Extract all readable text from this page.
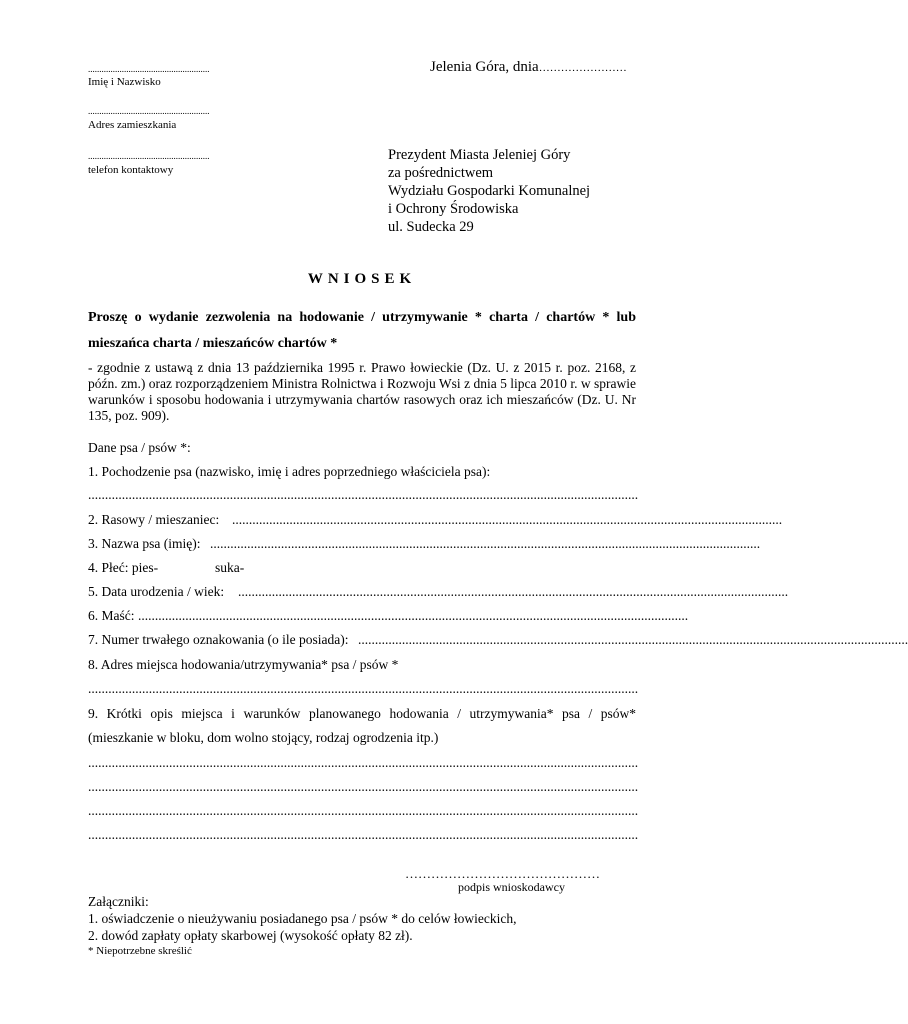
......................................................
Imię i Nazwisko
......................................................
Adres zamieszkania
......................................................
telefon kontaktowy
Jelenia Góra, dnia……………………
Prezydent Miasta Jeleniej Góry
za pośrednictwem
Wydziału Gospodarki Komunalnej
i Ochrony Środowiska
ul. Sudecka 29
WNIOSEK
Proszę o wydanie zezwolenia na hodowanie / utrzymywanie * charta / chartów * lub
mieszańca charta / mieszańców chartów *
- zgodnie z ustawą z dnia 13 października 1995 r. Prawo łowieckie (Dz. U. z 2015 r. poz. 2168, z późn. zm.) oraz rozporządzeniem Ministra Rolnictwa i Rozwoju Wsi z dnia 5 lipca 2010 r. w sprawie warunków i sposobu hodowania i utrzymywania chartów rasowych oraz ich mieszańców (Dz. U. Nr 135, poz. 909).
Dane psa / psów *:
1. Pochodzenie psa (nazwisko, imię i adres poprzedniego właściciela psa):
...................................................................................................................................................................
2. Rasowy / mieszaniec: ...................................................................................................................................................................
3. Nazwa psa (imię): ...................................................................................................................................................................
4. Płeć: pies-	suka-
5. Data urodzenia / wiek: ...................................................................................................................................................................
6. Maść: ...................................................................................................................................................................
7. Numer trwałego oznakowania (o ile posiada): ...................................................................................................................................................................
8. Adres miejsca hodowania/utrzymywania* psa / psów *
...................................................................................................................................................................
9. Krótki opis miejsca i warunków planowanego hodowania / utrzymywania* psa / psów*
(mieszkanie w bloku, dom wolno stojący, rodzaj ogrodzenia itp.)
...................................................................................................................................................................
...................................................................................................................................................................
...................................................................................................................................................................
...................................................................................................................................................................
………………………………………
podpis wnioskodawcy
Załączniki:
1. oświadczenie o nieużywaniu posiadanego psa / psów * do celów łowieckich,
2. dowód zapłaty opłaty skarbowej (wysokość opłaty 82 zł).
* Niepotrzebne skreślić
